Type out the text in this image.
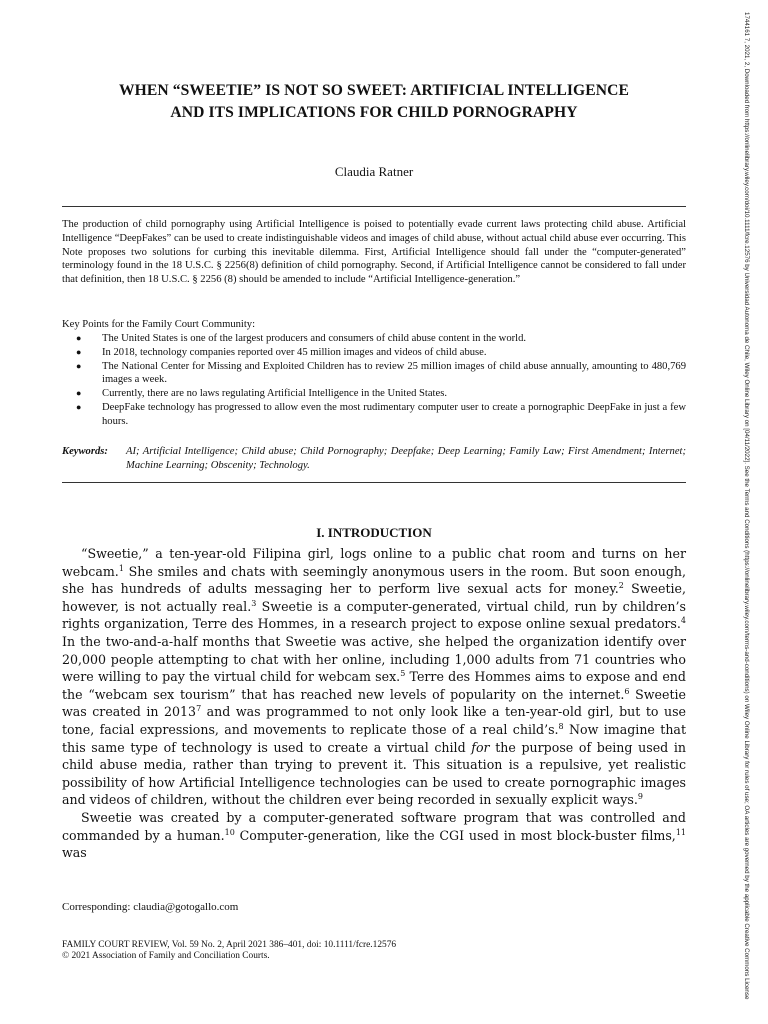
WHEN “SWEETIE” IS NOT SO SWEET: ARTIFICIAL INTELLIGENCE
AND ITS IMPLICATIONS FOR CHILD PORNOGRAPHY
Claudia Ratner
The production of child pornography using Artificial Intelligence is poised to potentially evade current laws protecting child abuse. Artificial Intelligence “DeepFakes” can be used to create indistinguishable videos and images of child abuse, without actual child abuse ever occurring. This Note proposes two solutions for curbing this inevitable dilemma. First, Artificial Intelligence should fall under the “computer-generated” terminology found in the 18 U.S.C. § 2256(8) definition of child pornography. Second, if Artificial Intelligence cannot be considered to fall under that definition, then 18 U.S.C. § 2256 (8) should be amended to include “Artificial Intelligence-generation.”
Key Points for the Family Court Community:
● The United States is one of the largest producers and consumers of child abuse content in the world.
● In 2018, technology companies reported over 45 million images and videos of child abuse.
● The National Center for Missing and Exploited Children has to review 25 million images of child abuse annually, amounting to 480,769 images a week.
● Currently, there are no laws regulating Artificial Intelligence in the United States.
● DeepFake technology has progressed to allow even the most rudimentary computer user to create a pornographic DeepFake in just a few hours.
Keywords:	AI; Artificial Intelligence; Child abuse; Child Pornography; Deepfake; Deep Learning; Family Law; First Amendment; Internet; Machine Learning; Obscenity; Technology.
I. INTRODUCTION

“Sweetie,” a ten-year-old Filipina girl, logs online to a public chat room and turns on her webcam.$^1$ She smiles and chats with seemingly anonymous users in the room. But soon enough, she has hundreds of adults messaging her to perform live sexual acts for money.$^2$ Sweetie, however, is not actually real.$^3$ Sweetie is a computer-generated, virtual child, run by children’s rights organization, Terre des Hommes, in a research project to expose online sexual predators.$^4$ In the two-and-a-half months that Sweetie was active, she helped the organization identify over 20,000 people attempting to chat with her online, including 1,000 adults from 71 countries who were willing to pay the virtual child for webcam sex.$^5$ Terre des Hommes aims to expose and end the “webcam sex tourism” that has reached new levels of popularity on the internet.$^6$ Sweetie was created in 2013$^7$ and was programmed to not only look like a ten-year-old girl, but to use tone, facial expressions, and movements to replicate those of a real child’s.$^8$ Now imagine that this same type of technology is used to create a virtual child for the purpose of being used in child abuse media, rather than trying to prevent it. This situation is a repulsive, yet realistic possibility of how Artificial Intelligence technologies can be used to create pornographic images and videos of children, without the children ever being recorded in sexually explicit ways.$^9$

Sweetie was created by a computer-generated software program that was controlled and commanded by a human.$^{10}$ Computer-generation, like the CGI used in most block-buster films,$^{11}$ was

Corresponding: claudia@gotogallo.com
FAMILY COURT REVIEW, Vol. 59 No. 2, April 2021 386–401, doi: 10.1111/fcre.12576
© 2021 Association of Family and Conciliation Courts.	1744161 7, 2021, 2, Downloaded from https://onlinelibrary.wiley.com/doi/10.1111/fcre.12576 by Universidad Autonoma de Chile, Wiley Online Library on [04/11/2022]. See the Terms and Conditions (https://onlinelibrary.wiley.com/terms-and-conditions) on Wiley Online Library for rules of use; OA articles are governed by the applicable Creative Commons License
